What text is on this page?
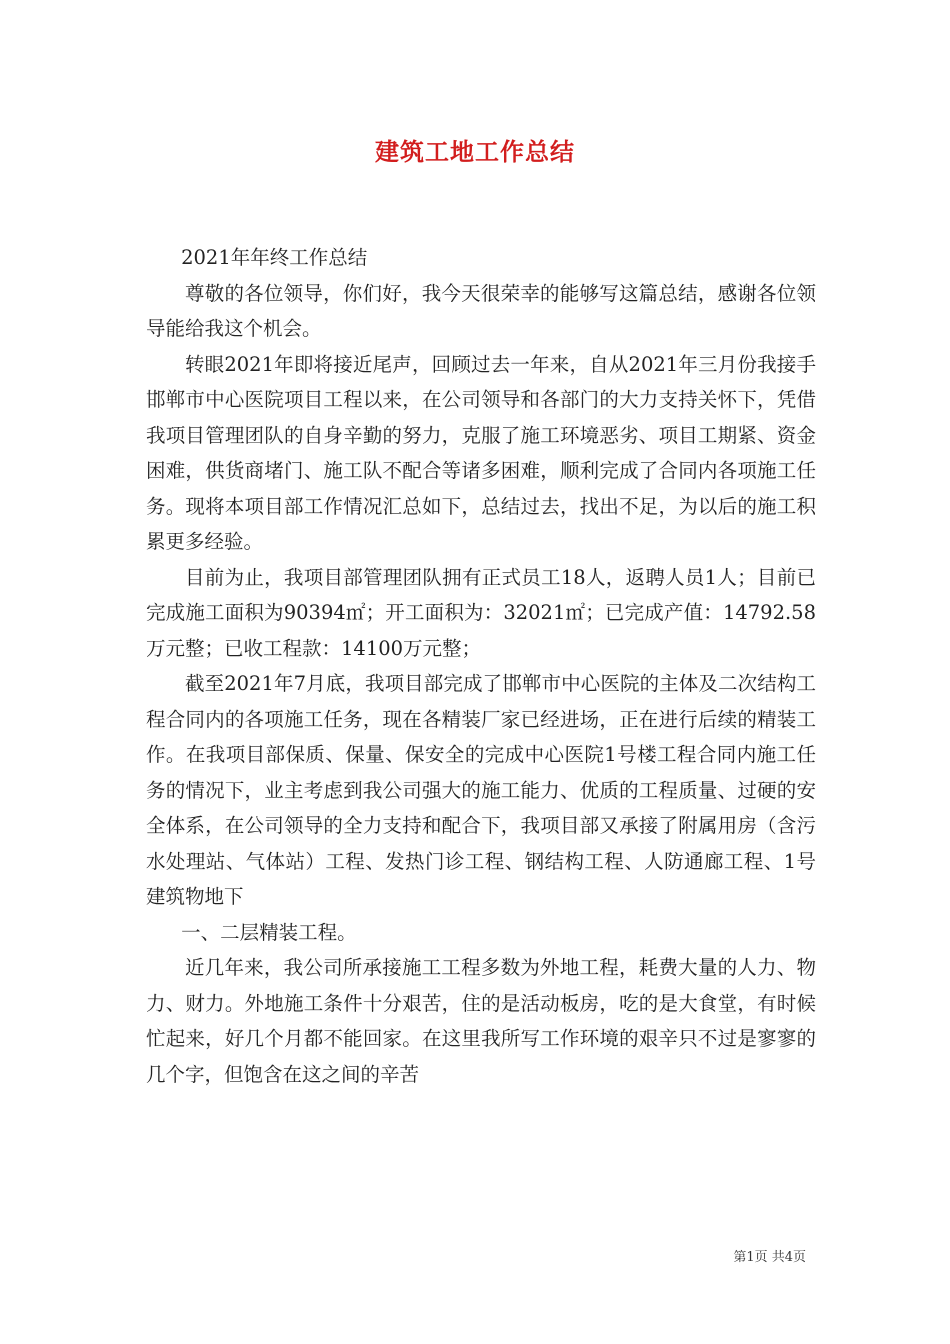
建筑工地工作总结

2021年年终工作总结

尊敬的各位领导，你们好，我今天很荣幸的能够写这篇总结，感谢各位领导能给我这个机会。

转眼2021年即将接近尾声，回顾过去一年来，自从2021年三月份我接手邯郸市中心医院项目工程以来，在公司领导和各部门的大力支持关怀下，凭借我项目管理团队的自身辛勤的努力，克服了施工环境恶劣、项目工期紧、资金困难，供货商堵门、施工队不配合等诸多困难，顺利完成了合同内各项施工任务。现将本项目部工作情况汇总如下，总结过去，找出不足，为以后的施工积累更多经验。

目前为止，我项目部管理团队拥有正式员工18人，返聘人员1人；目前已完成施工面积为90394㎡；开工面积为：32021㎡；已完成产值：14792.58万元整；已收工程款：14100万元整；

截至2021年7月底，我项目部完成了邯郸市中心医院的主体及二次结构工程合同内的各项施工任务，现在各精装厂家已经进场，正在进行后续的精装工作。在我项目部保质、保量、保安全的完成中心医院1号楼工程合同内施工任务的情况下，业主考虑到我公司强大的施工能力、优质的工程质量、过硬的安全体系，在公司领导的全力支持和配合下，我项目部又承接了附属用房（含污水处理站、气体站）工程、发热门诊工程、钢结构工程、人防通廊工程、1号建筑物地下

一、二层精装工程。

近几年来，我公司所承接施工工程多数为外地工程，耗费大量的人力、物力、财力。外地施工条件十分艰苦，住的是活动板房，吃的是大食堂，有时候忙起来，好几个月都不能回家。在这里我所写工作环境的艰辛只不过是寥寥的几个字，但饱含在这之间的辛苦

第1页 共4页
